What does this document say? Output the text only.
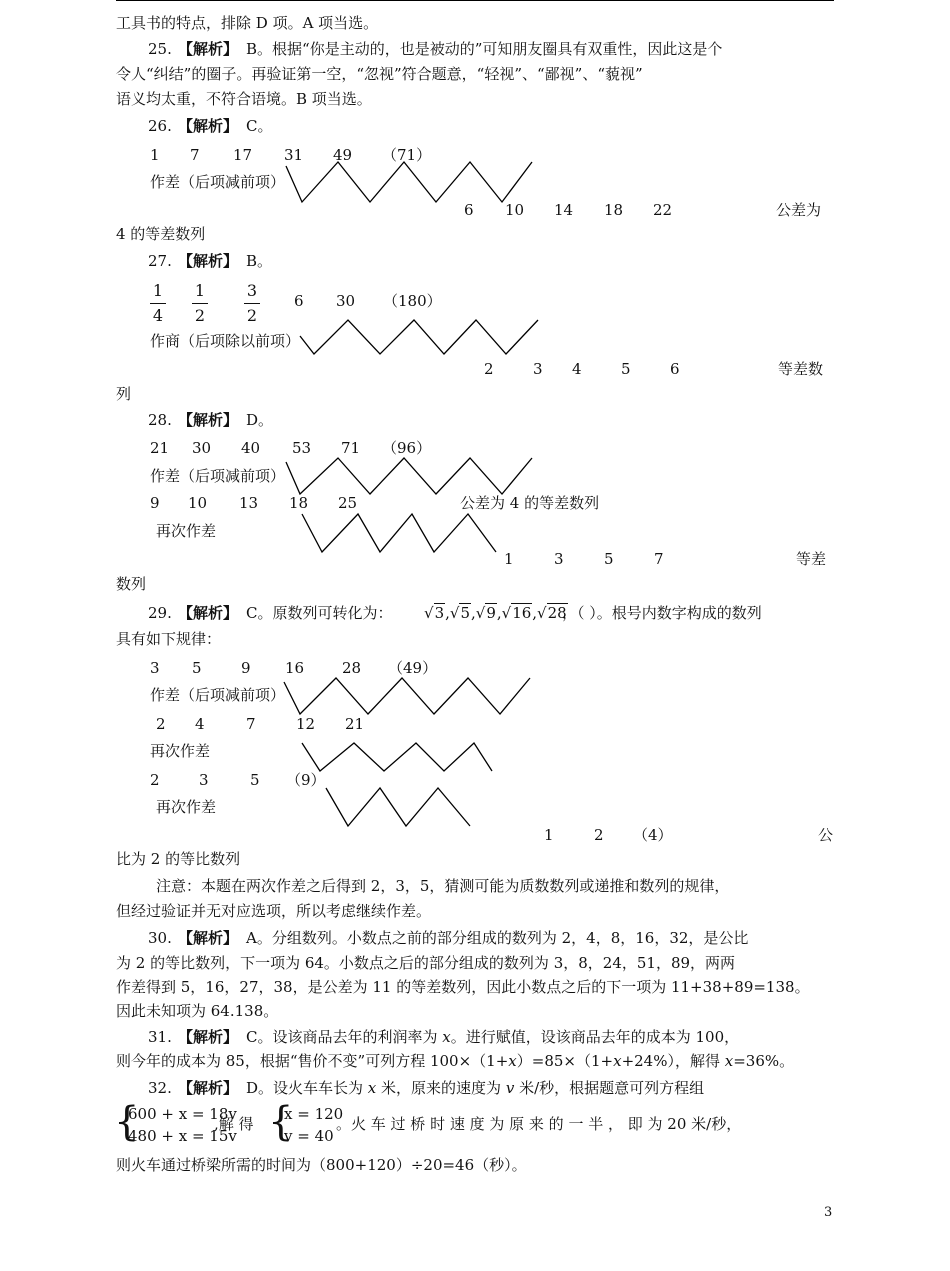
工具书的特点，排除 D 项。A 项当选。
25. 【解析】 B。根据“你是主动的，也是被动的”可知朋友圈具有双重性，因此这是个
令人“纠结”的圈子。再验证第一空，“忽视”符合题意，“轻视”、“鄙视”、“藐视”
语义均太重，不符合语境。B 项当选。
26. 【解析】 C。
1 7 17 31 49 （71）
作差（后项减前项）
6 10 14 18 22	公差为
4 的等差数列
27. 【解析】 B。
1
4
1
2
3
2
6 30 （180）
作商（后项除以前项）
2	3 4	5	6	等差数
列
28. 【解析】 D。
21 30 40 53 71 （96）
作差（后项减前项）
9 10 13 18 25	公差为 4 的等差数列
再次作差
1	3	5	7	等差
数列
29. 【解析】 C。原数列可转化为： √3,√5,√9,√16,√28
，（ ）。根号内数字构成的数列
具有如下规律：
3 5	9 16	28 （49）
作差（后项减前项）
2 4	7	12 21
再次作差
2	3	5 （9）
再次作差
1	2 （4）	公
比为 2 的等比数列
注意：本题在两次作差之后得到 2，3，5，猜测可能为质数数列或递推和数列的规律，
但经过验证并无对应选项，所以考虑继续作差。
30. 【解析】 A。分组数列。小数点之前的部分组成的数列为 2，4，8，16，32，是公比
为 2 的等比数列，下一项为 64。小数点之后的部分组成的数列为 3，8，24，51，89，两两
作差得到 5，16，27，38，是公差为 11 的等差数列，因此小数点之后的下一项为 11+38+89=138。
因此未知项为 64.138。
31. 【解析】 C。设该商品去年的利润率为 x。进行赋值，设该商品去年的成本为 100，
则今年的成本为 85，根据“售价不变”可列方程 100×（1+x）=85×（1+x+24%），解得 x=36%。
32. 【解析】 D。设火车车长为 x 米，原来的速度为 v 米/秒，根据题意可列方程组
{
600 + x = 18v
480 + x = 15v
,解 得 {
x = 120
v = 40
。火 车 过 桥 时 速 度 为 原 来 的 一 半 ， 即 为 20 米/秒，
则火车通过桥梁所需的时间为（800+120）÷20=46（秒）。
3
